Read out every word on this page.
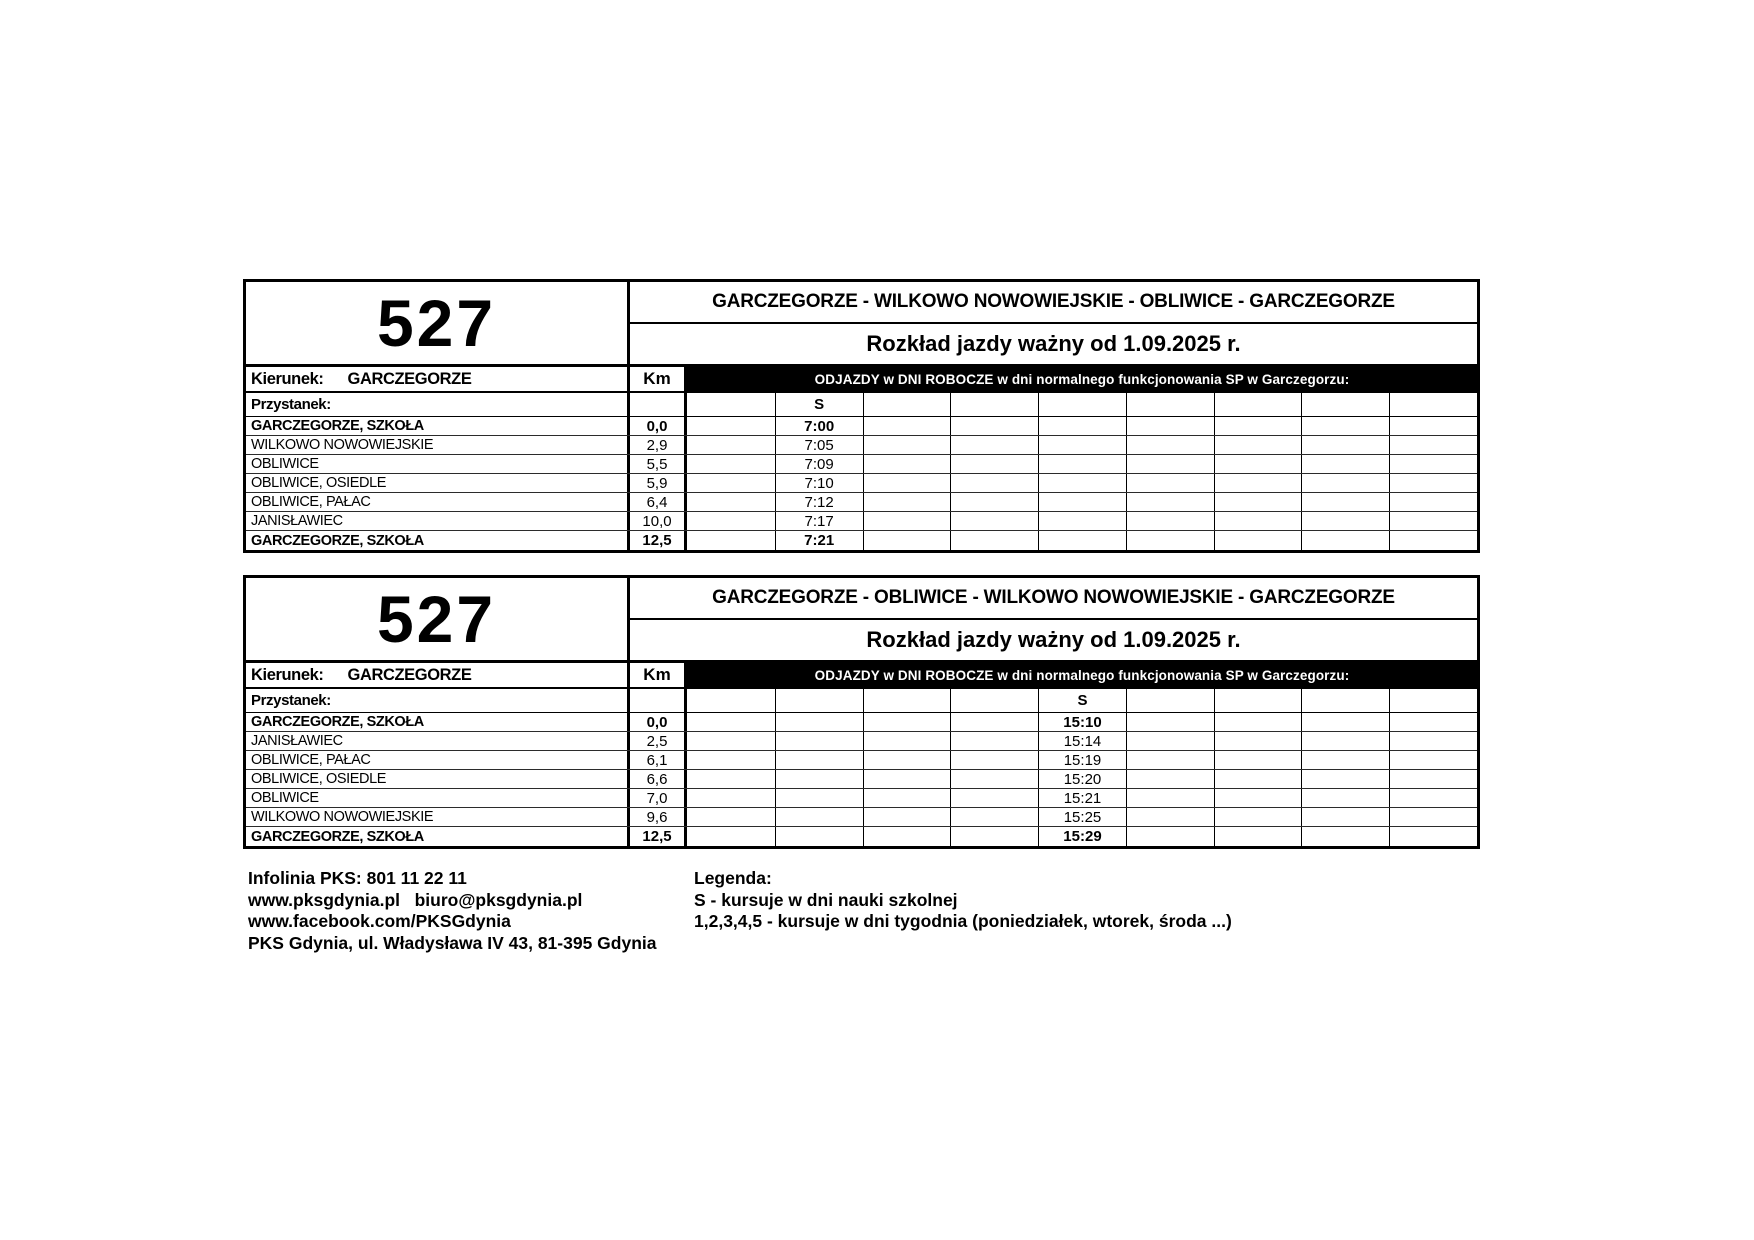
527	GARCZEGORZE - WILKOWO NOWOWIEJSKIE - OBLIWICE - GARCZEGORZE
Rozkład jazdy ważny od 1.09.2025 r.
Kierunek: GARCZEGORZE	Km	ODJAZDY w DNI ROBOCZE w dni normalnego funkcjonowania SP w Garczegorzu:
Przystanek:	S
GARCZEGORZE, SZKOŁA	0,0	7:00
WILKOWO NOWOWIEJSKIE	2,9	7:05
OBLIWICE	5,5	7:09
OBLIWICE, OSIEDLE	5,9	7:10
OBLIWICE, PAŁAC	6,4	7:12
JANISŁAWIEC	10,0	7:17
GARCZEGORZE, SZKOŁA	12,5	7:21
527	GARCZEGORZE - OBLIWICE - WILKOWO NOWOWIEJSKIE - GARCZEGORZE
Rozkład jazdy ważny od 1.09.2025 r.
Kierunek: GARCZEGORZE	Km	ODJAZDY w DNI ROBOCZE w dni normalnego funkcjonowania SP w Garczegorzu:
Przystanek:	S
GARCZEGORZE, SZKOŁA	0,0	15:10
JANISŁAWIEC	2,5	15:14
OBLIWICE, PAŁAC	6,1	15:19
OBLIWICE, OSIEDLE	6,6	15:20
OBLIWICE	7,0	15:21
WILKOWO NOWOWIEJSKIE	9,6	15:25
GARCZEGORZE, SZKOŁA	12,5	15:29
Infolinia PKS: 801 11 22 11
www.pksgdynia.pl   biuro@pksgdynia.pl
www.facebook.com/PKSGdynia
PKS Gdynia, ul. Władysława IV 43, 81-395 Gdynia
Legenda:
S - kursuje w dni nauki szkolnej
1,2,3,4,5 - kursuje w dni tygodnia (poniedziałek, wtorek, środa ...)
